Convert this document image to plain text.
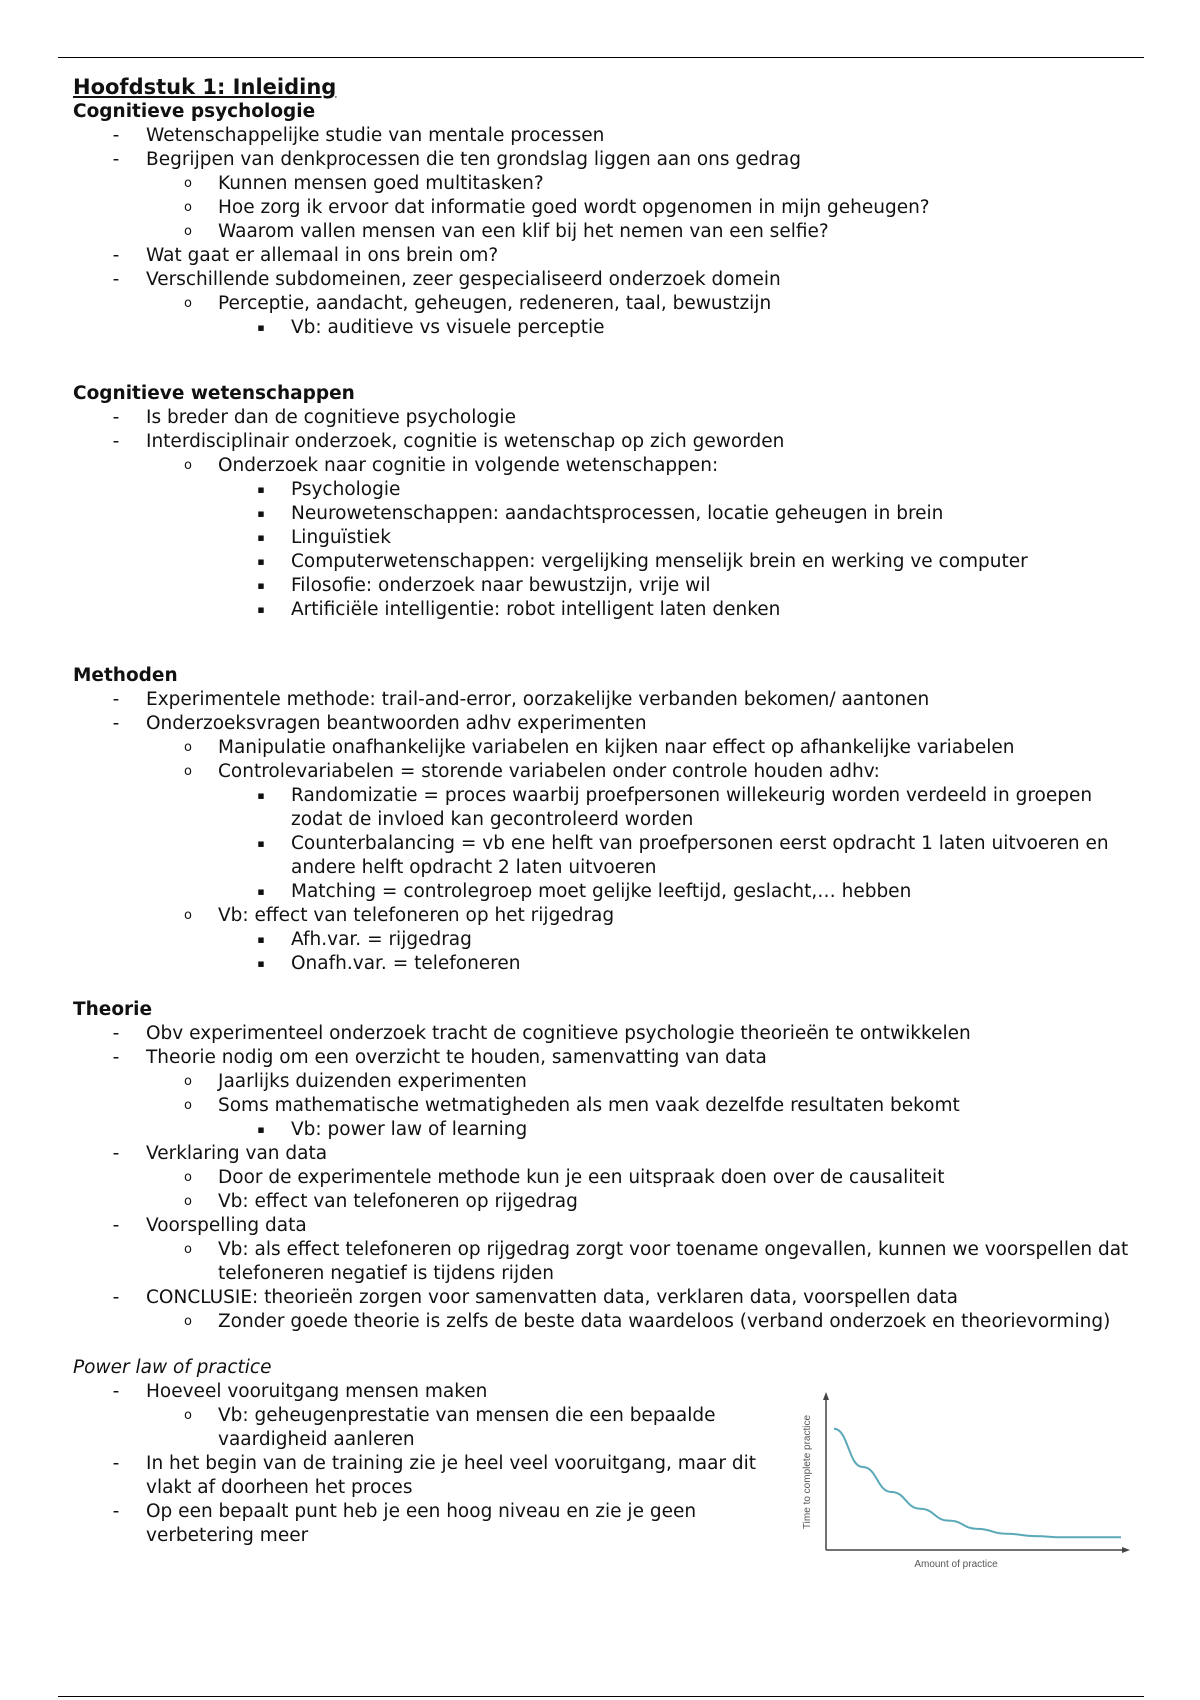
Hoofdstuk 1: Inleiding
Cognitieve psychologie
-	Wetenschappelijke studie van mentale processen
-	Begrijpen van denkprocessen die ten grondslag liggen aan ons gedrag
o	Kunnen mensen goed multitasken?
o	Hoe zorg ik ervoor dat informatie goed wordt opgenomen in mijn geheugen?
o	Waarom vallen mensen van een klif bij het nemen van een selfie?
-	Wat gaat er allemaal in ons brein om?
-	Verschillende subdomeinen, zeer gespecialiseerd onderzoek domein
o	Perceptie, aandacht, geheugen, redeneren, taal, bewustzijn
▪	Vb: auditieve vs visuele perceptie
Cognitieve wetenschappen
-	Is breder dan de cognitieve psychologie
-	Interdisciplinair onderzoek, cognitie is wetenschap op zich geworden
o	Onderzoek naar cognitie in volgende wetenschappen:
▪	Psychologie
▪	Neurowetenschappen: aandachtsprocessen, locatie geheugen in brein
▪	Linguïstiek
▪	Computerwetenschappen: vergelijking menselijk brein en werking ve computer
▪	Filosofie: onderzoek naar bewustzijn, vrije wil
▪	Artificiële intelligentie: robot intelligent laten denken
Methoden
-	Experimentele methode: trail-and-error, oorzakelijke verbanden bekomen/ aantonen
-	Onderzoeksvragen beantwoorden adhv experimenten
o	Manipulatie onafhankelijke variabelen en kijken naar effect op afhankelijke variabelen
o	Controlevariabelen = storende variabelen onder controle houden adhv:
▪	Randomizatie = proces waarbij proefpersonen willekeurig worden verdeeld in groepen zodat de invloed kan gecontroleerd worden
▪	Counterbalancing = vb ene helft van proefpersonen eerst opdracht 1 laten uitvoeren en andere helft opdracht 2 laten uitvoeren
▪	Matching = controlegroep moet gelijke leeftijd, geslacht,… hebben
o	Vb: effect van telefoneren op het rijgedrag
▪	Afh.var. = rijgedrag
▪	Onafh.var. = telefoneren
Theorie
-	Obv experimenteel onderzoek tracht de cognitieve psychologie theorieën te ontwikkelen
-	Theorie nodig om een overzicht te houden, samenvatting van data
o	Jaarlijks duizenden experimenten
o	Soms mathematische wetmatigheden als men vaak dezelfde resultaten bekomt
▪	Vb: power law of learning
-	Verklaring van data
o	Door de experimentele methode kun je een uitspraak doen over de causaliteit
o	Vb: effect van telefoneren op rijgedrag
-	Voorspelling data
o	Vb: als effect telefoneren op rijgedrag zorgt voor toename ongevallen, kunnen we voorspellen dat telefoneren negatief is tijdens rijden
-	CONCLUSIE: theorieën zorgen voor samenvatten data, verklaren data, voorspellen data
o	Zonder goede theorie is zelfs de beste data waardeloos (verband onderzoek en theorievorming)
Power law of practice
-	Hoeveel vooruitgang mensen maken
o	Vb: geheugenprestatie van mensen die een bepaalde vaardigheid aanleren
-	In het begin van de training zie je heel veel vooruitgang, maar dit vlakt af doorheen het proces
-	Op een bepaalt punt heb je een hoog niveau en zie je geen verbetering meer
Amount of practice
Time to complete practice
